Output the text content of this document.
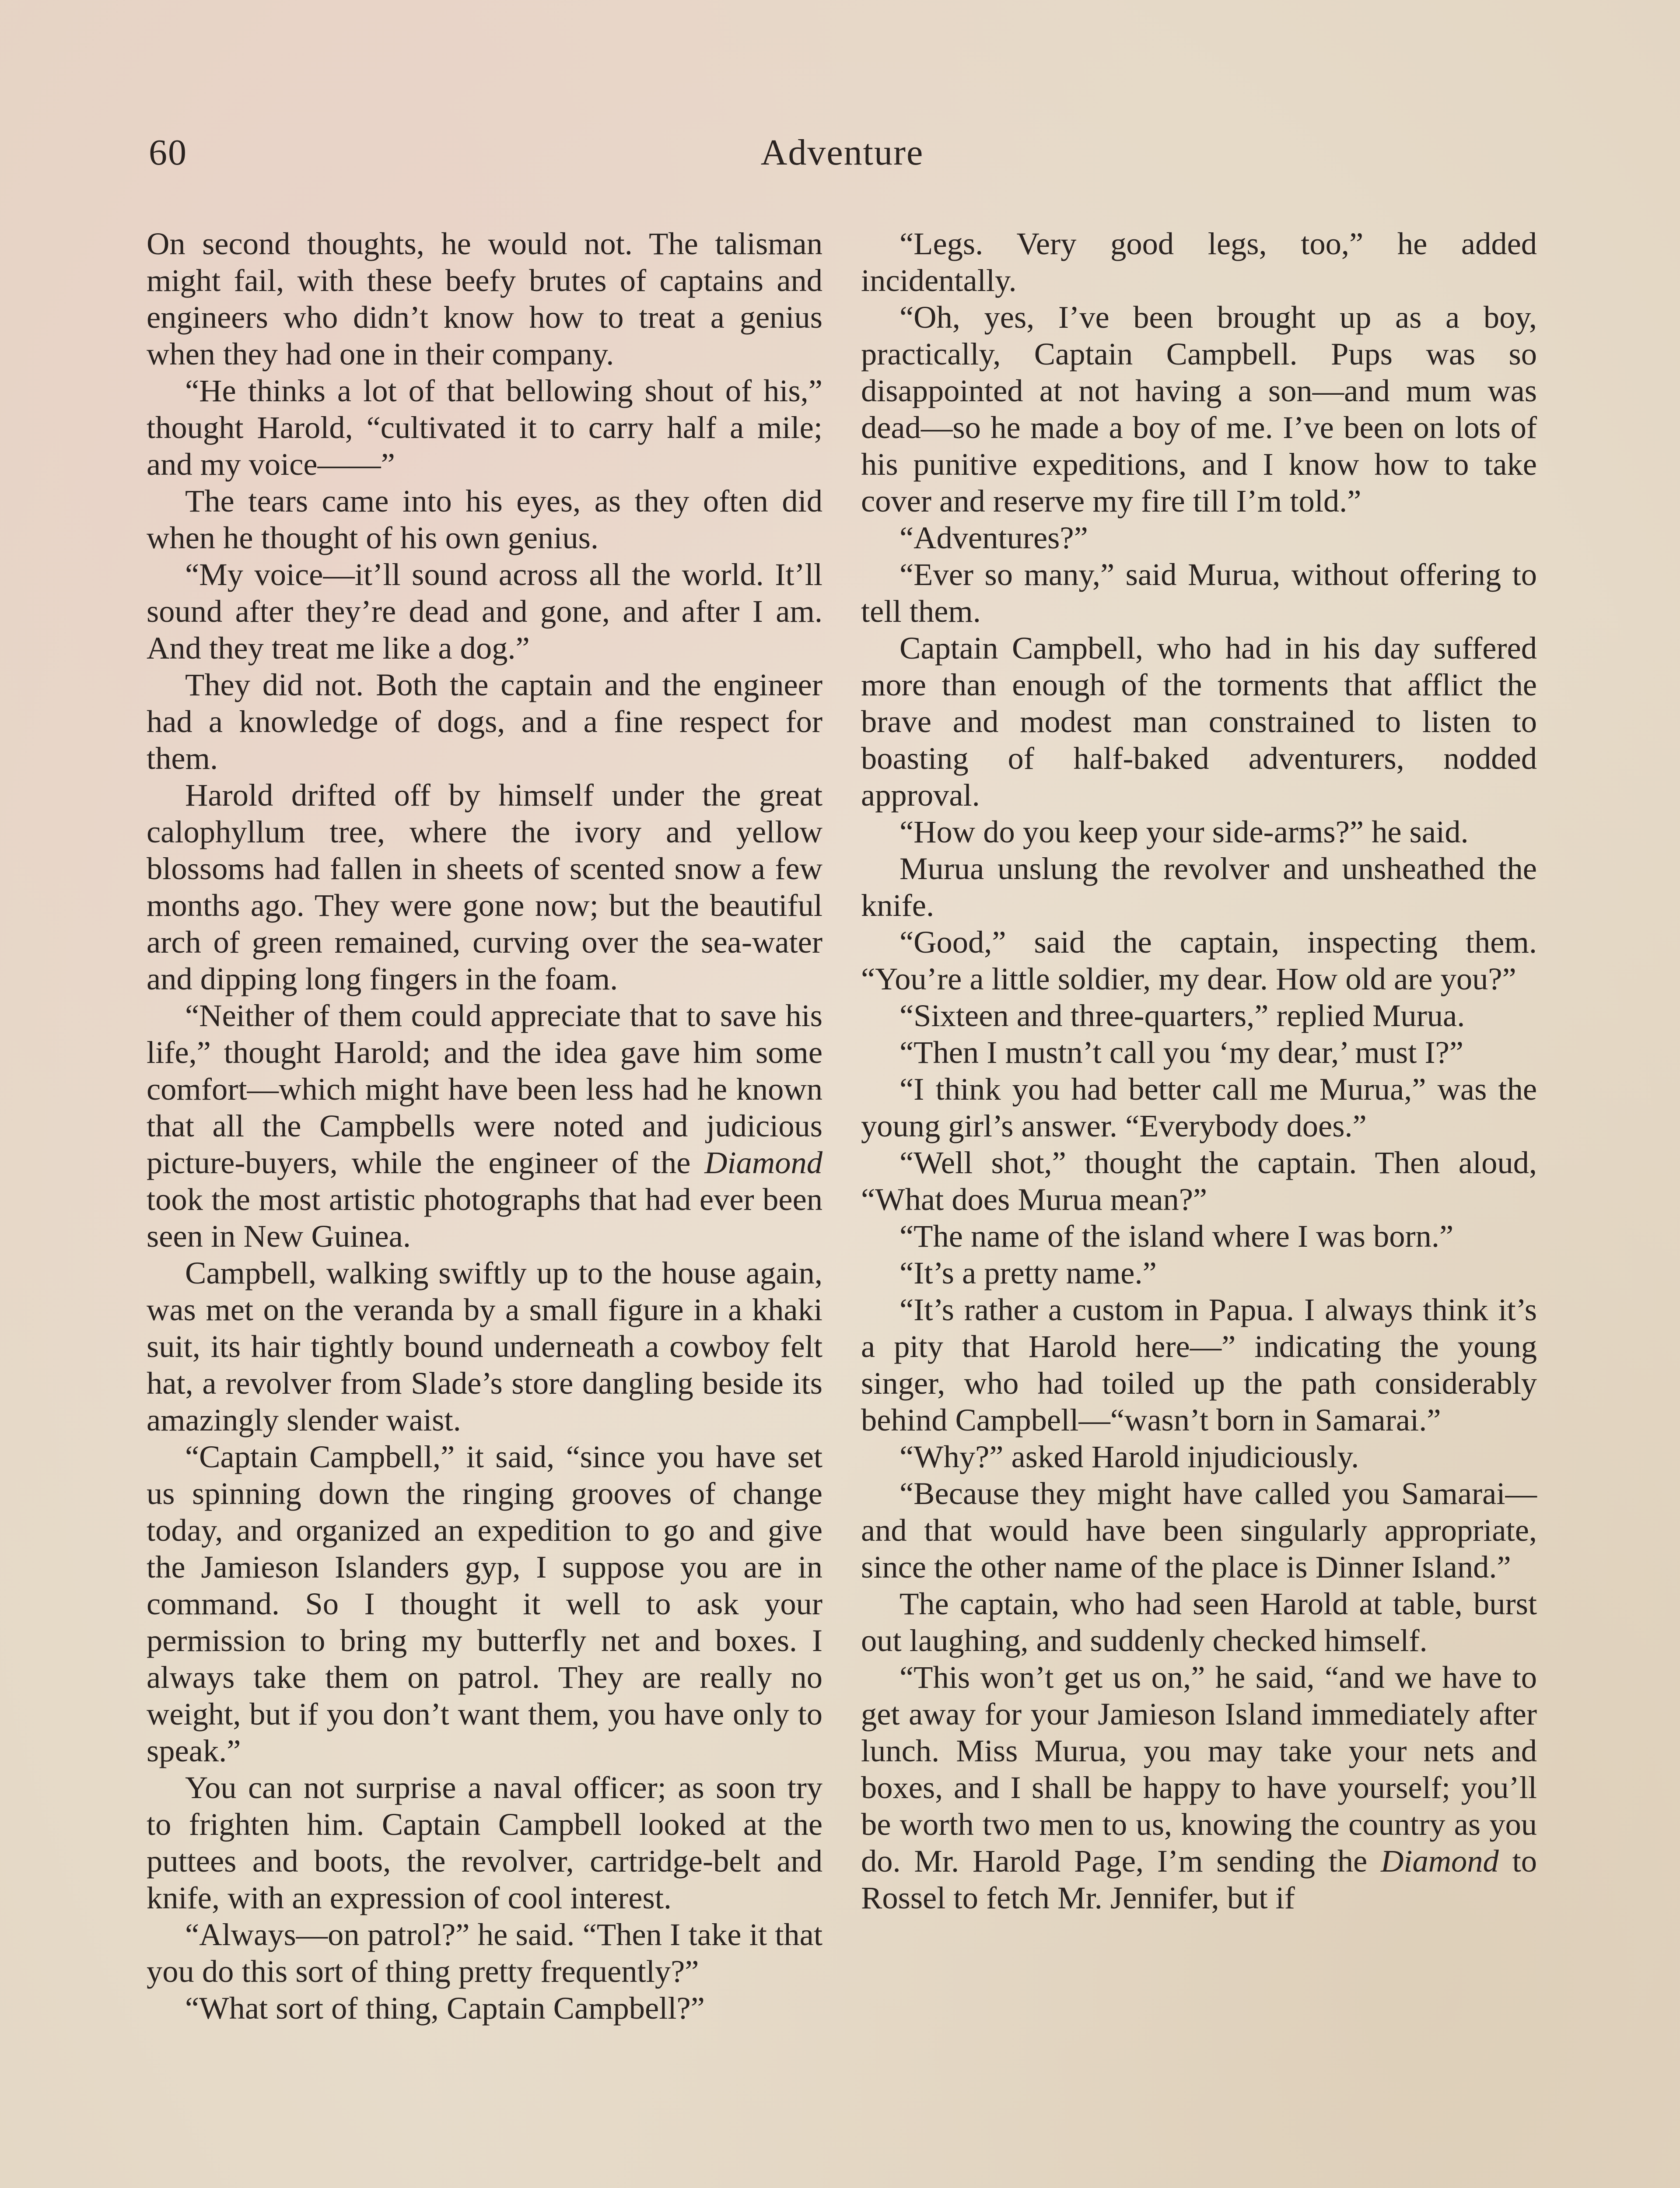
60	Adventure

On second thoughts, he would not. The talisman might fail, with these beefy brutes of captains and engineers who didn’t know how to treat a genius when they had one in their company.

“He thinks a lot of that bellowing shout of his,” thought Harold, “cultivated it to carry half a mile; and my voice——”

The tears came into his eyes, as they often did when he thought of his own genius.

“My voice—it’ll sound across all the world. It’ll sound after they’re dead and gone, and after I am. And they treat me like a dog.”

They did not. Both the captain and the engineer had a knowledge of dogs, and a fine respect for them.

Harold drifted off by himself under the great calophyllum tree, where the ivory and yellow blossoms had fallen in sheets of scented snow a few months ago. They were gone now; but the beautiful arch of green remained, curving over the sea-water and dipping long fingers in the foam.

“Neither of them could appreciate that to save his life,” thought Harold; and the idea gave him some comfort—which might have been less had he known that all the Campbells were noted and judicious picture-buyers, while the engineer of the Diamond took the most artistic photographs that had ever been seen in New Guinea.

Campbell, walking swiftly up to the house again, was met on the veranda by a small figure in a khaki suit, its hair tightly bound underneath a cowboy felt hat, a revolver from Slade’s store dangling beside its amazingly slender waist.

“Captain Campbell,” it said, “since you have set us spinning down the ringing grooves of change today, and organized an expedition to go and give the Jamieson Islanders gyp, I suppose you are in command. So I thought it well to ask your permission to bring my butterfly net and boxes. I always take them on patrol. They are really no weight, but if you don’t want them, you have only to speak.”

You can not surprise a naval officer; as soon try to frighten him. Captain Campbell looked at the puttees and boots, the revolver, cartridge-belt and knife, with an expression of cool interest.

“Always—on patrol?” he said. “Then I take it that you do this sort of thing pretty frequently?”

“What sort of thing, Captain Campbell?”

“Legs. Very good legs, too,” he added incidentally.

“Oh, yes, I’ve been brought up as a boy, practically, Captain Campbell. Pups was so disappointed at not having a son—and mum was dead—so he made a boy of me. I’ve been on lots of his punitive expeditions, and I know how to take cover and reserve my fire till I’m told.”

“Adventures?”

“Ever so many,” said Murua, without offering to tell them.

Captain Campbell, who had in his day suffered more than enough of the torments that afflict the brave and modest man constrained to listen to boasting of half-baked adventurers, nodded approval.

“How do you keep your side-arms?” he said.

Murua unslung the revolver and unsheathed the knife.

“Good,” said the captain, inspecting them. “You’re a little soldier, my dear. How old are you?”

“Sixteen and three-quarters,” replied Murua.

“Then I mustn’t call you ‘my dear,’ must I?”

“I think you had better call me Murua,” was the young girl’s answer. “Everybody does.”

“Well shot,” thought the captain. Then aloud, “What does Murua mean?”

“The name of the island where I was born.”

“It’s a pretty name.”

“It’s rather a custom in Papua. I always think it’s a pity that Harold here—” indicating the young singer, who had toiled up the path considerably behind Campbell—“wasn’t born in Samarai.”

“Why?” asked Harold injudiciously.

“Because they might have called you Samarai—and that would have been singularly appropriate, since the other name of the place is Dinner Island.”

The captain, who had seen Harold at table, burst out laughing, and suddenly checked himself.

“This won’t get us on,” he said, “and we have to get away for your Jamieson Island immediately after lunch. Miss Murua, you may take your nets and boxes, and I shall be happy to have yourself; you’ll be worth two men to us, knowing the country as you do. Mr. Harold Page, I’m sending the Diamond to Rossel to fetch Mr. Jennifer, but if
